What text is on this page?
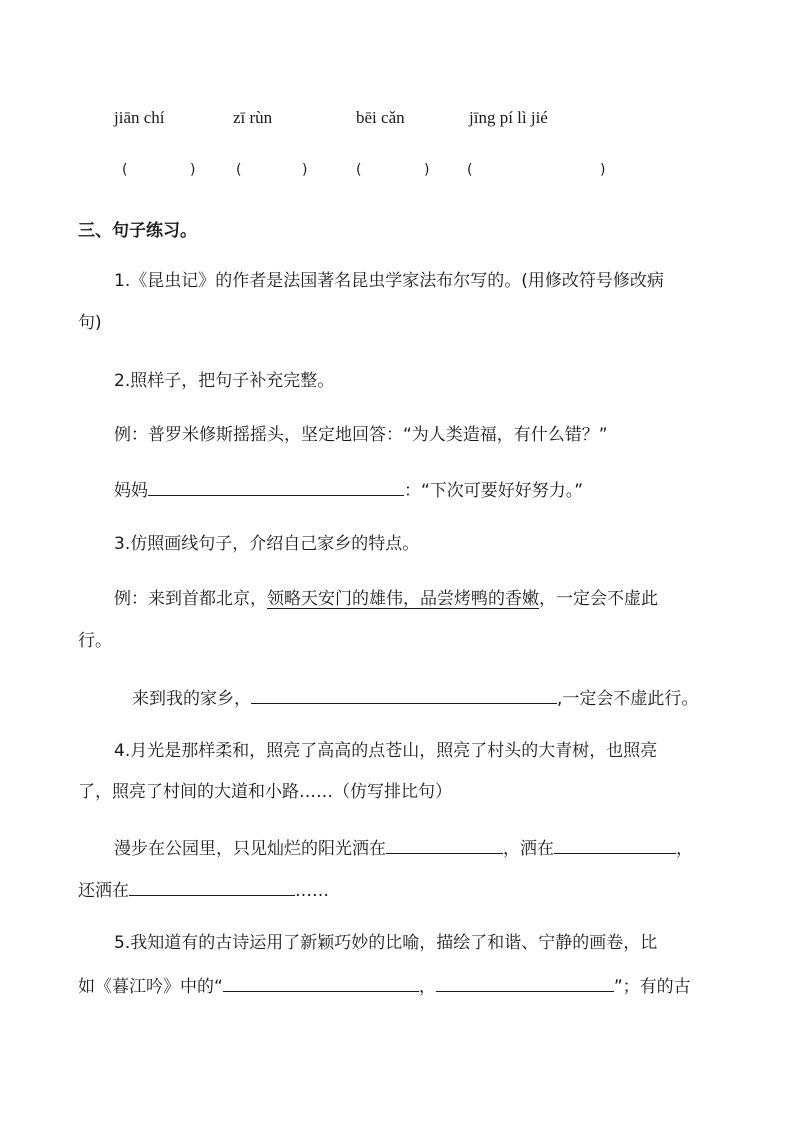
jiān chí	zī rùn	bēi cǎn	jīng pí lì jié
(	)	(	)	(	)	(	)
三、句子练习。
1.《昆虫记》的作者是法国著名昆虫学家法布尔写的。(用修改符号修改病
句)
2.照样子，把句子补充完整。
例：普罗米修斯摇摇头，坚定地回答：“为人类造福，有什么错？”
妈妈	：“下次可要好好努力。”
3.仿照画线句子，介绍自己家乡的特点。
例：来到首都北京，领略天安门的雄伟，品尝烤鸭的香嫩，一定会不虚此
行。
来到我的家乡，	,一定会不虚此行。
4.月光是那样柔和，照亮了高高的点苍山，照亮了村头的大青树，也照亮
了，照亮了村间的大道和小路……（仿写排比句）
漫步在公园里，只见灿烂的阳光洒在	，洒在	，
还洒在	……
5.我知道有的古诗运用了新颖巧妙的比喻，描绘了和谐、宁静的画卷，比
如《暮江吟》中的“	，	”；有的古
